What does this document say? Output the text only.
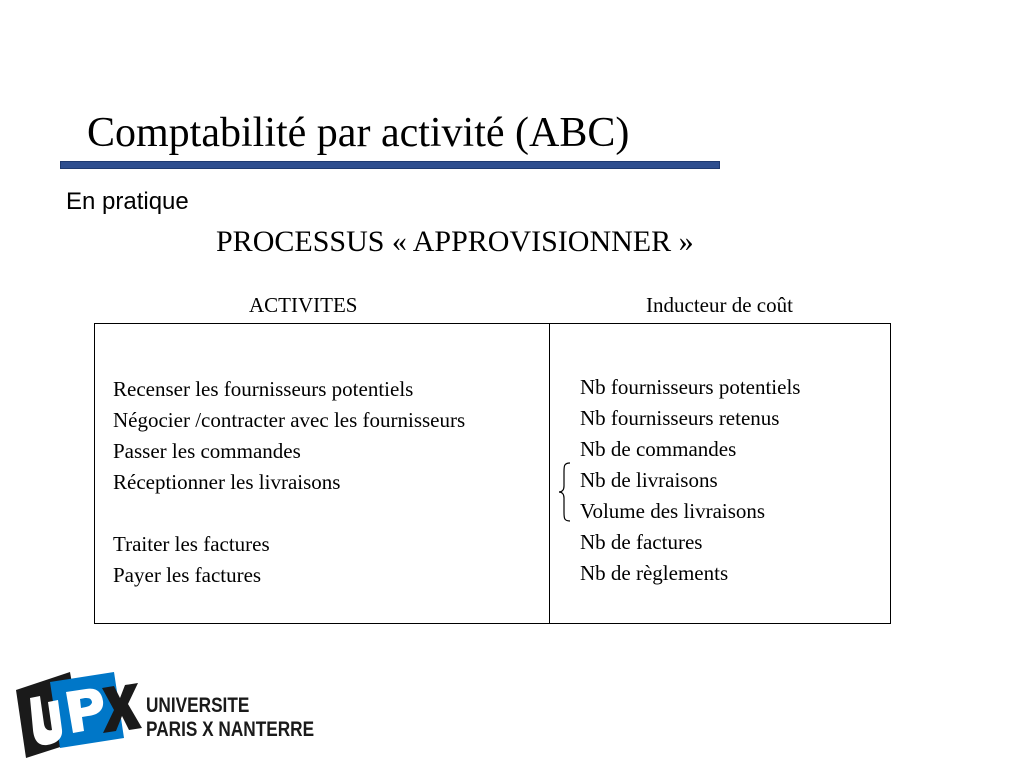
Comptabilité par activité (ABC)
En pratique
PROCESSUS « APPROVISIONNER »
ACTIVITES	Inducteur de coût
Recenser les fournisseurs potentiels
Négocier /contracter avec les fournisseurs
Passer les commandes
Réceptionner les livraisons
Traiter les factures
Payer les factures
Nb fournisseurs potentiels
Nb fournisseurs retenus
Nb de commandes
Nb de livraisons
Volume des livraisons
Nb de factures
Nb de règlements
UNIVERSITE
PARIS X NANTERRE
